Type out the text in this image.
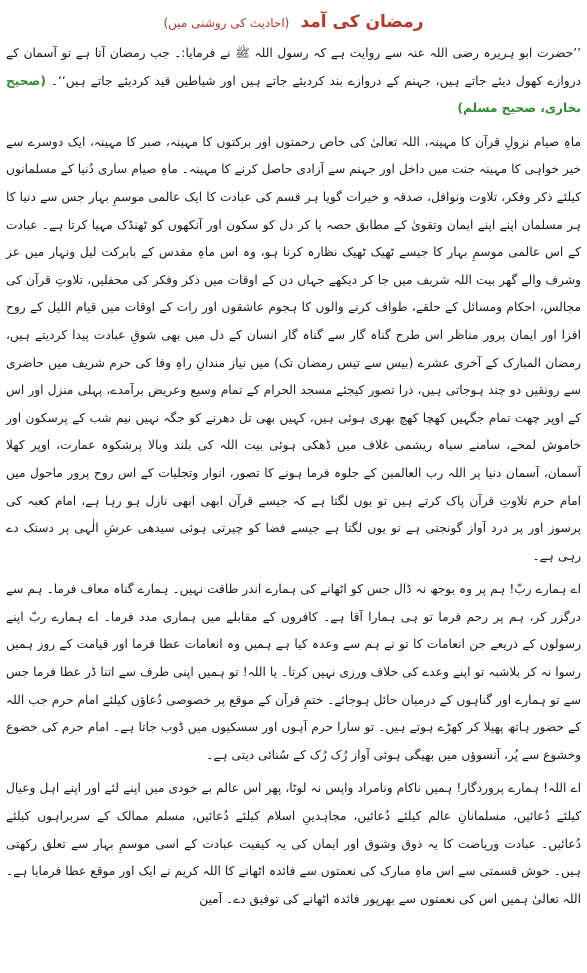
رمضان کی آمد (احادیث کی روشنی میں)

’’حضرت ابو ہریرہ رضی اللہ عنہ سے روایت ہے کہ رسول اللہ ﷺ نے فرمایا:۔ جب رمضان آتا ہے تو آسمان کے دروازے کھول دیئے جاتے ہیں، جہنم کے دروازے بند کردیئے جاتے ہیں اور شیاطین قید کردیئے جاتے ہیں‘‘۔ (صحیح بخاری، صحیح مسلم)

ماہِ صیام نزولِ قرآن کا مہینہ، اللہ تعالیٰ کی خاص رحمتوں اور برکتوں کا مہینہ، صبر کا مہینہ، ایک دوسرے سے خیر خواہی کا مہینہ جنت میں داخل اور جہنم سے آزادی حاصل کرنے کا مہینہ۔ ماہِ صیام ساری دُنیا کے مسلمانوں کیلئے ذکر وفکر، تلاوت ونوافل، صدقہ و خیرات گویا ہر قسم کی عبادت کا ایک عالمی موسمِ بہار جس سے دنیا کا ہر مسلمان اپنے اپنے ایمان وتقویٰ کے مطابق حصہ پا کر دل کو سکون اور آنکھوں کو ٹھنڈک مہیا کرتا ہے۔ عبادت کے اس عالمی موسمِ بہار کا جیسے ٹھیک ٹھیک نظارہ کرنا ہو، وہ اس ماہِ مقدس کے بابرکت لیل ونہار میں عز وشرف والے گھر بیت اللہ شریف میں جا کر دیکھے جہاں دن کے اوقات میں ذکر وفکر کی محفلیں، تلاوتِ قرآن کی مجالس، احکام ومسائل کے حلقے، طواف کرنے والوں کا ہجوم عاشقوں اور رات کے اوقات میں قیام اللیل کے روح افزا اور ایمان پرور مناظر اس طرح گناہ گار سے گناہ گار انسان کے دل میں بھی شوقِ عبادت پیدا کردیتے ہیں، رمضان المبارک کے آخری عشرے (بیس سے تیس رمضان تک) میں نیاز مندانِ راہِ وفا کی حرم شریف میں حاضری سے رونقیں دو چند ہوجاتی ہیں، ذرا تصور کیجئے مسجد الحرام کے تمام وسیع وعریض برآمدے، پہلی منزل اور اس کے اوپر چھت تمام جگہیں کھچا کھچ بھری ہوئی ہیں، کہیں بھی تل دھرنے کو جگہ نہیں نیم شب کے پرسکون اور خاموش لمحے، سامنے سیاہ ریشمی غلاف میں ڈھکی ہوئی بیت اللہ کی بلند وبالا پرشکوہ عمارت، اوپر کھلا آسمان، آسمان دنیا پر اللہ رب العالمین کے جلوہ فرما ہونے کا تصور، انوار وتجلیات کے اس روح پرور ماحول میں امام حرم تلاوتِ قرآن پاک کرتے ہیں تو یوں لگتا ہے کہ جیسے قرآن ابھی ابھی نازل ہو رہا ہے، امام کعبہ کی پرسوز اور پر درد آواز گونجتی ہے تو یوں لگتا ہے جیسے فضا کو چیرتی ہوئی سیدھی عرشِ الٰہی پر دستک دے رہی ہے۔

اے ہمارے ربّ! ہم پر وہ بوجھ نہ ڈال جس کو اٹھانے کی ہمارے اندر طاقت نہیں۔ ہمارے گناہ معاف فرما۔ ہم سے درگزر کر، ہم پر رحم فرما تو ہی ہمارا آقا ہے۔ کافروں کے مقابلے میں ہماری مدد فرما۔ اے ہمارے ربّ اپنے رسولوں کے ذریعے جن انعامات کا تو نے ہم سے وعدہ کیا ہے ہمیں وہ انعامات عطا فرما اور قیامت کے روز ہمیں رسوا نہ کر بلاشبہ تو اپنے وعدے کی خلاف ورزی نہیں کرتا۔ یا اللہ! تو ہمیں اپنی طرف سے اتنا ڈر عطا فرما جس سے تو ہمارے اور گناہوں کے درمیان حائل ہوجائے۔ ختمِ قرآن کے موقع پر خصوصی دُعاؤں کیلئے امام حرم جب اللہ کے حضور ہاتھ پھیلا کر کھڑے ہوتے ہیں۔ تو سارا حرم آہوں اور سسکیوں میں ڈوب جاتا ہے۔ امام حرم کی خضوع وخشوع سے پُر، آنسوؤں میں بھیگی ہوئی آواز رُک رُک کے سُنائی دیتی ہے۔

اے اللہ! ہمارے پروردگار! ہمیں ناکام ونامراد واپس نہ لوٹا، پھر اس عالم بے خودی میں اپنے لئے اور اپنے اہل وعیال کیلئے دُعائیں، مسلمانانِ عالم کیلئے دُعائیں، مجاہدینِ اسلام کیلئے دُعائیں، مسلم ممالک کے سربراہوں کیلئے دُعائیں۔ عبادت وریاضت کا یہ ذوق وشوق اور ایمان کی یہ کیفیت عبادت کے اسی موسمِ بہار سے تعلق رکھتی ہیں۔ خوش قسمتی سے اس ماہِ مبارک کی نعمتوں سے فائدہ اٹھانے کا اللہ کریم نے ایک اور موقع عطا فرمایا ہے۔ اللہ تعالیٰ ہمیں اس کی نعمتوں سے بھرپور فائدہ اٹھانے کی توفیق دے۔ آمین
